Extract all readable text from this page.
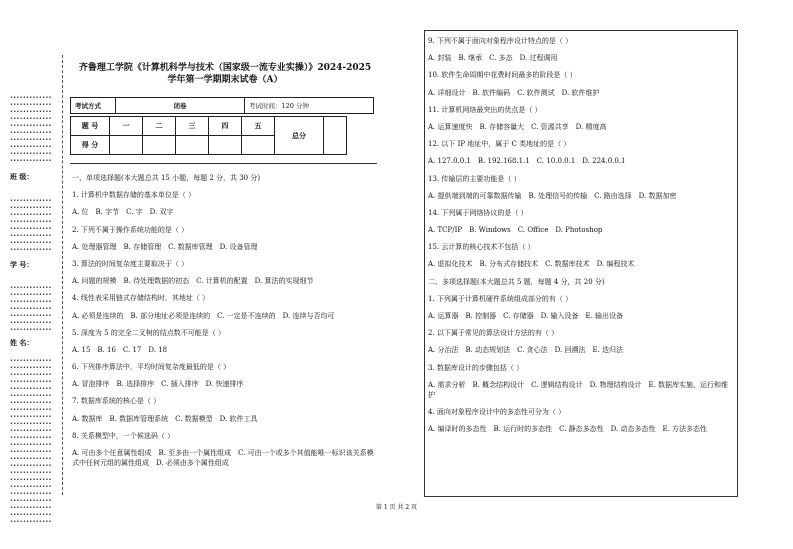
•••••••••••••
•••••••••••••
•••••••••••••
•••••••••••••
•••••••••••••
•••••••••••••
•••••••••••••
•••••••••••••
•••••••••••••
•••••••••••••
班 级：
•••••••••••••
•••••••••••••
•••••••••••••
•••••••••••••
•••••••••••••
•••••••••••••
•••••••••••••
•••••••••••••
学 号：
•••••••••••••
•••••••••••••
•••••••••••••
•••••••••••••
•••••••••••••
•••••••••••••
•••••••••••••
姓 名：
•••••••••••••
•••••••••••••
•••••••••••••
•••••••••••••
•••••••••••••
•••••••••••••
•••••••••••••
•••••••••••••
•••••••••••••
•••••••••••••
•••••••••••••
•••••••••••••
•••••••••••••
•••••••••••••
•••••••••••••
•••••••••••••
•••••••••••••
•••••••••••••
•••••••••••••
•••••••••••••
•••••••••••••
•••••••••••••
•••••••••••••
•••••••••••••
齐鲁理工学院《计算机科学与技术（国家级一流专业实操）》2024-2025
学年第一学期期末试卷（A）
考试方式	闭卷	考试时间：120 分钟
题 号	一	二	三	四	五	总分	
得 分							

一、单项选择题(本大题总共 15 小题，每题 2 分，共 30 分)

1. 计算机中数据存储的基本单位是（ ）

A. 位　B. 字节　C. 字　D. 双字

2. 下列不属于操作系统功能的是（ ）

A. 处理器管理　B. 存储管理　C. 数据库管理　D. 设备管理

3. 算法的时间复杂度主要取决于（ ）

A. 问题的规模　B. 待处理数据的初态　C. 计算机的配置　D. 算法的实现细节

4. 线性表采用链式存储结构时，其地址（ ）

A. 必须是连续的　B. 部分地址必须是连续的　C. 一定是不连续的　D. 连续与否均可

5. 深度为 5 的完全二叉树的结点数不可能是（ ）

A. 15　B. 16　C. 17　D. 18

6. 下列排序算法中，平均时间复杂度最低的是（ ）

A. 冒泡排序　B. 选择排序　C. 插入排序　D. 快速排序

7. 数据库系统的核心是（ ）

A. 数据库　B. 数据库管理系统　C. 数据模型　D. 软件工具

8. 关系模型中，一个候选码（ ）

A. 可由多个任意属性组成　B. 至多由一个属性组成　C. 可由一个或多个其值能唯一标识该关系模式中任何元组的属性组成　D. 必须由多个属性组成

9. 下列不属于面向对象程序设计特点的是（ ）

A. 封装　B. 继承　C. 多态　D. 过程调用

10. 软件生命周期中花费时间最多的阶段是（ ）

A. 详细设计　B. 软件编码　C. 软件测试　D. 软件维护

11. 计算机网络最突出的优点是（ ）

A. 运算速度快　B. 存储容量大　C. 资源共享　D. 精度高

12. 以下 IP 地址中，属于 C 类地址的是（ ）

A. 127.0.0.1　B. 192.168.1.1　C. 10.0.0.1　D. 224.0.0.1

13. 传输层的主要功能是（ ）

A. 提供端到端的可靠数据传输　B. 处理信号的传输　C. 路由选择　D. 数据加密

14. 下列属于网络协议的是（ ）

A. TCP/IP　B. Windows　C. Office　D. Photoshop

15. 云计算的核心技术不包括（ ）

A. 虚拟化技术　B. 分布式存储技术　C. 数据库技术　D. 编程技术

二、多项选择题(本大题总共 5 题，每题 4 分，共 20 分)

1. 下列属于计算机硬件系统组成部分的有（ ）

A. 运算器　B. 控制器　C. 存储器　D. 输入设备　E. 输出设备

2. 以下属于常见的算法设计方法的有（ ）

A. 分治法　B. 动态规划法　C. 贪心法　D. 回溯法　E. 迭归法

3. 数据库设计的步骤包括（ ）

A. 需求分析　B. 概念结构设计　C. 逻辑结构设计　D. 物理结构设计　E. 数据库实施、运行和维护

4. 面向对象程序设计中的多态性可分为（ ）

A. 编译时的多态性　B. 运行时的多态性　C. 静态多态性　D. 动态多态性　E. 方法多态性

第 1 页 共 2 页
